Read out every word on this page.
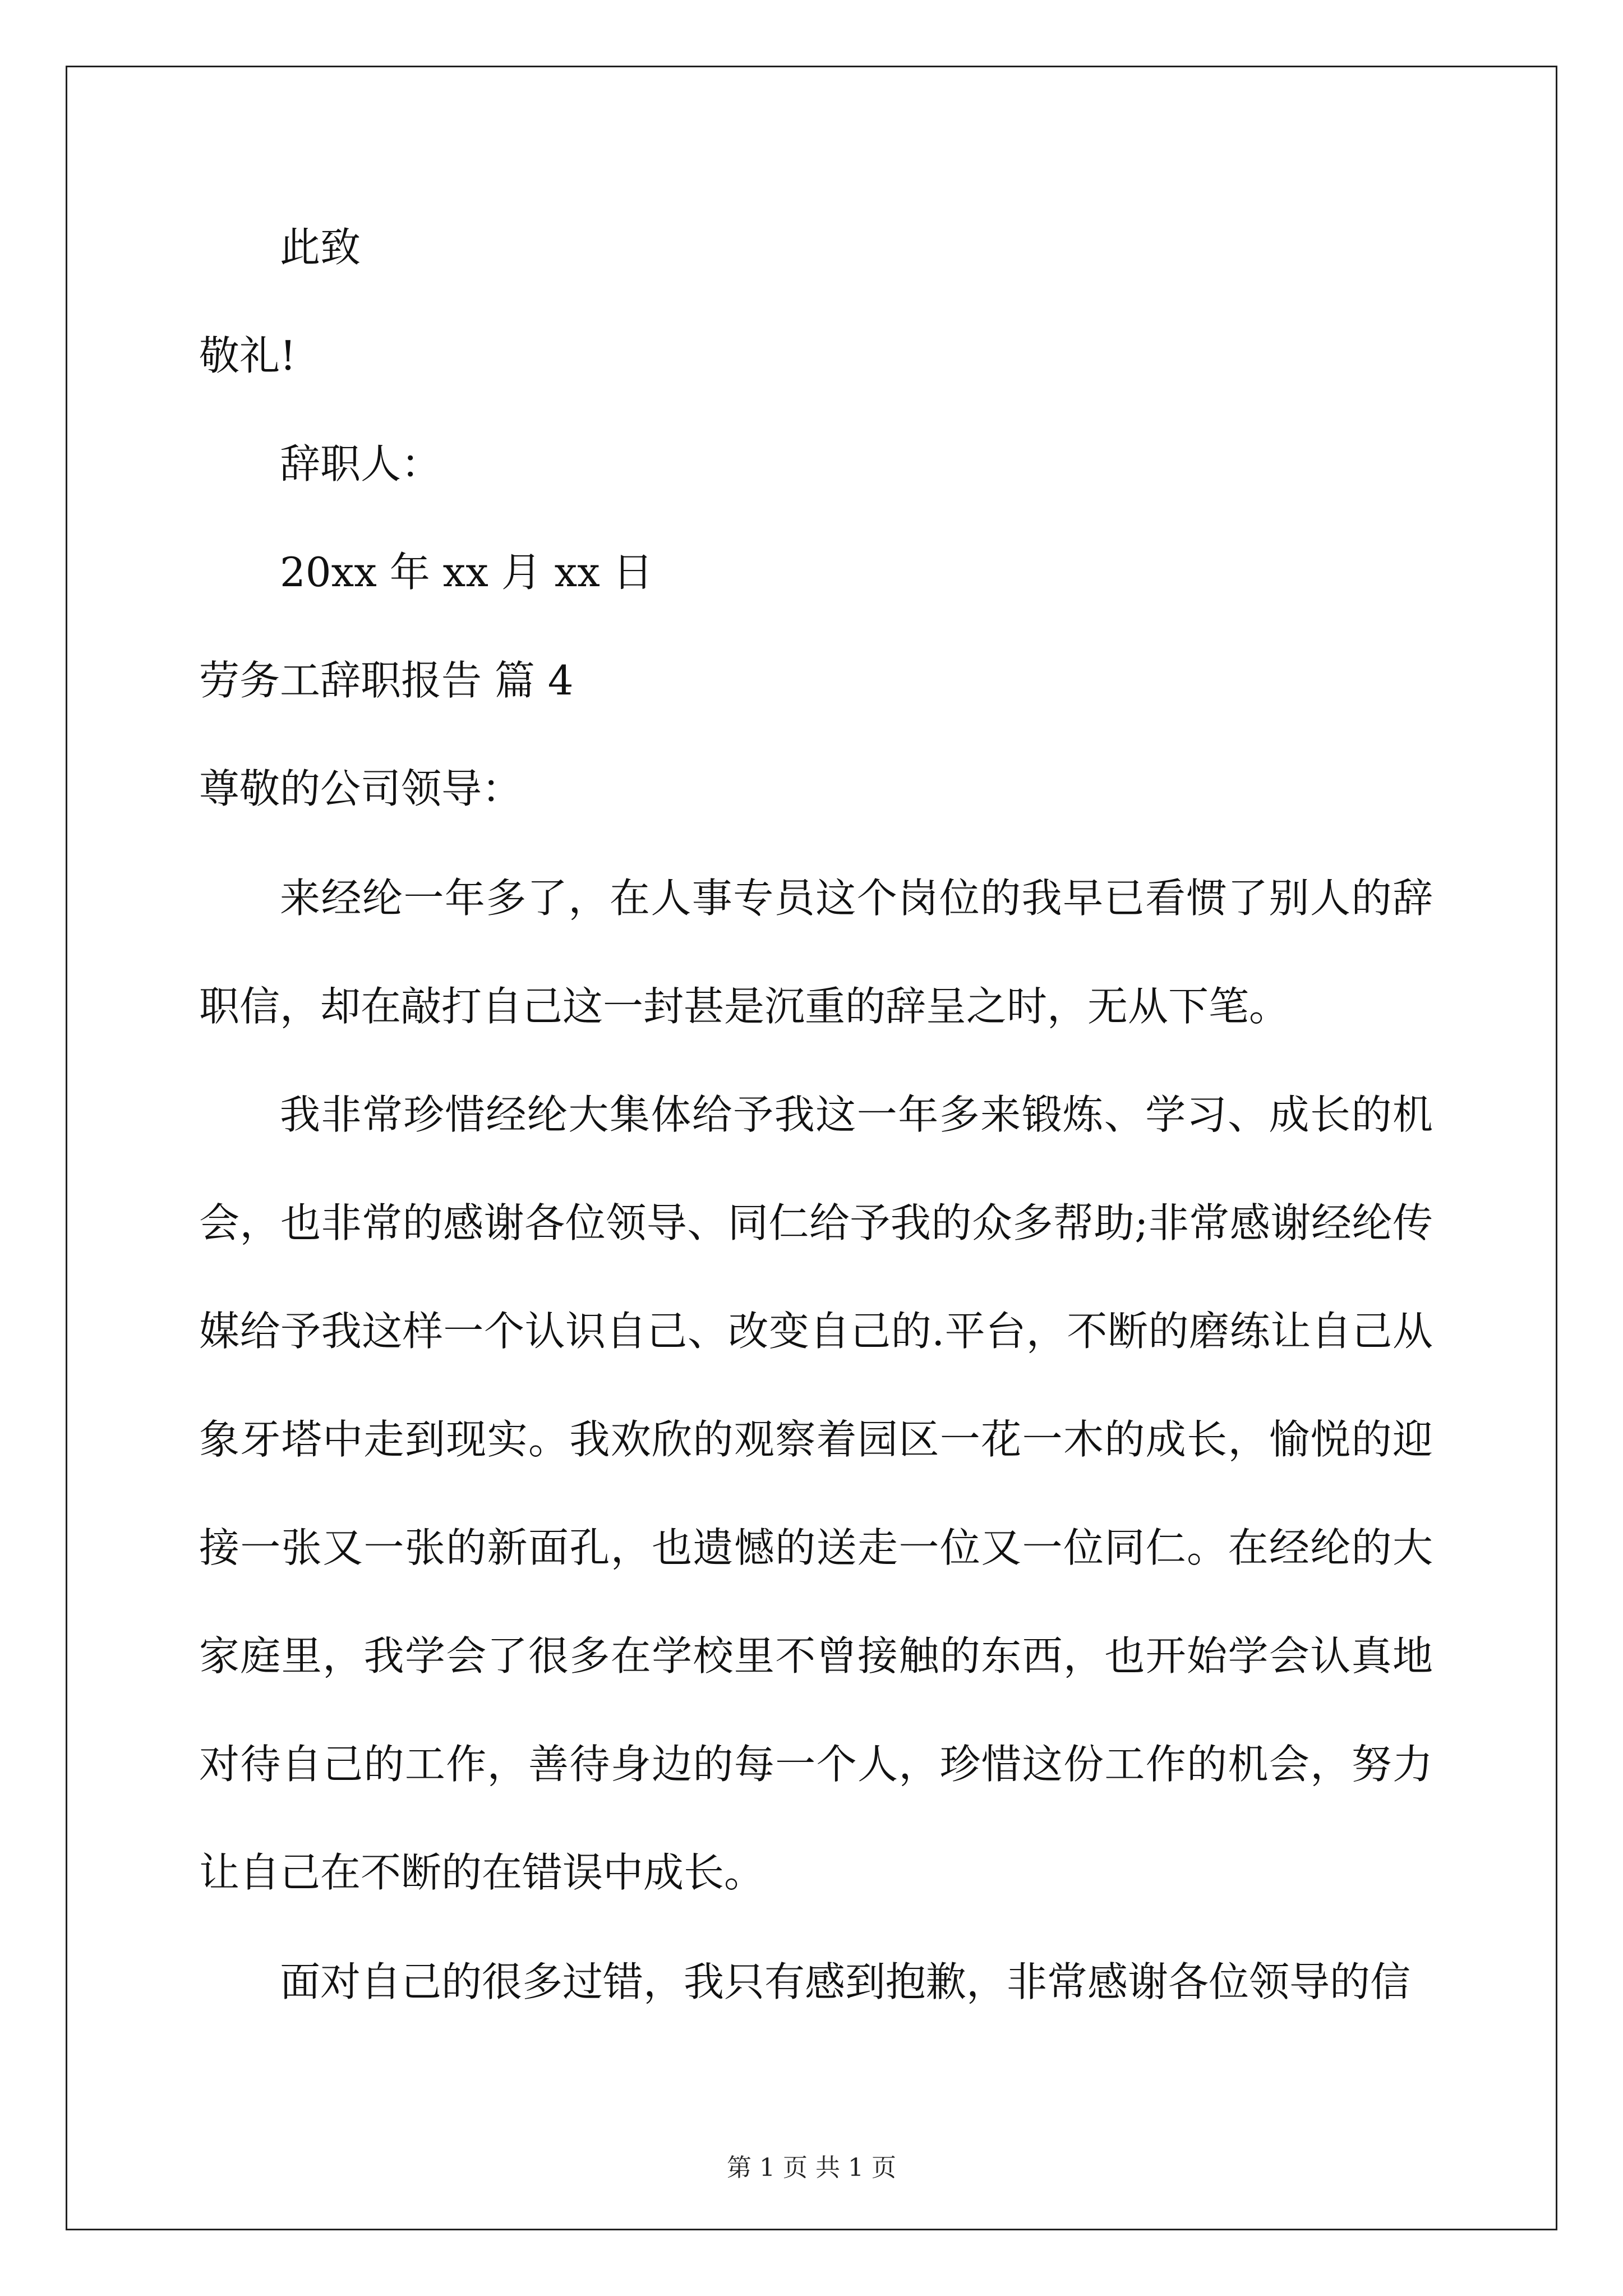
此致
敬礼!
辞职人：
20xx 年 xx 月 xx 日
劳务工辞职报告 篇 4
尊敬的公司领导：
来经纶一年多了，在人事专员这个岗位的我早已看惯了别人的辞职信，却在敲打自己这一封甚是沉重的辞呈之时，无从下笔。
我非常珍惜经纶大集体给予我这一年多来锻炼、学习、成长的机会，也非常的感谢各位领导、同仁给予我的众多帮助;非常感谢经纶传媒给予我这样一个认识自己、改变自己的.平台，不断的磨练让自己从象牙塔中走到现实。我欢欣的观察着园区一花一木的成长，愉悦的迎接一张又一张的新面孔，也遗憾的送走一位又一位同仁。在经纶的大家庭里，我学会了很多在学校里不曾接触的东西，也开始学会认真地对待自己的工作，善待身边的每一个人，珍惜这份工作的机会，努力让自己在不断的在错误中成长。
面对自己的很多过错，我只有感到抱歉，非常感谢各位领导的信
第 1 页 共 1 页
